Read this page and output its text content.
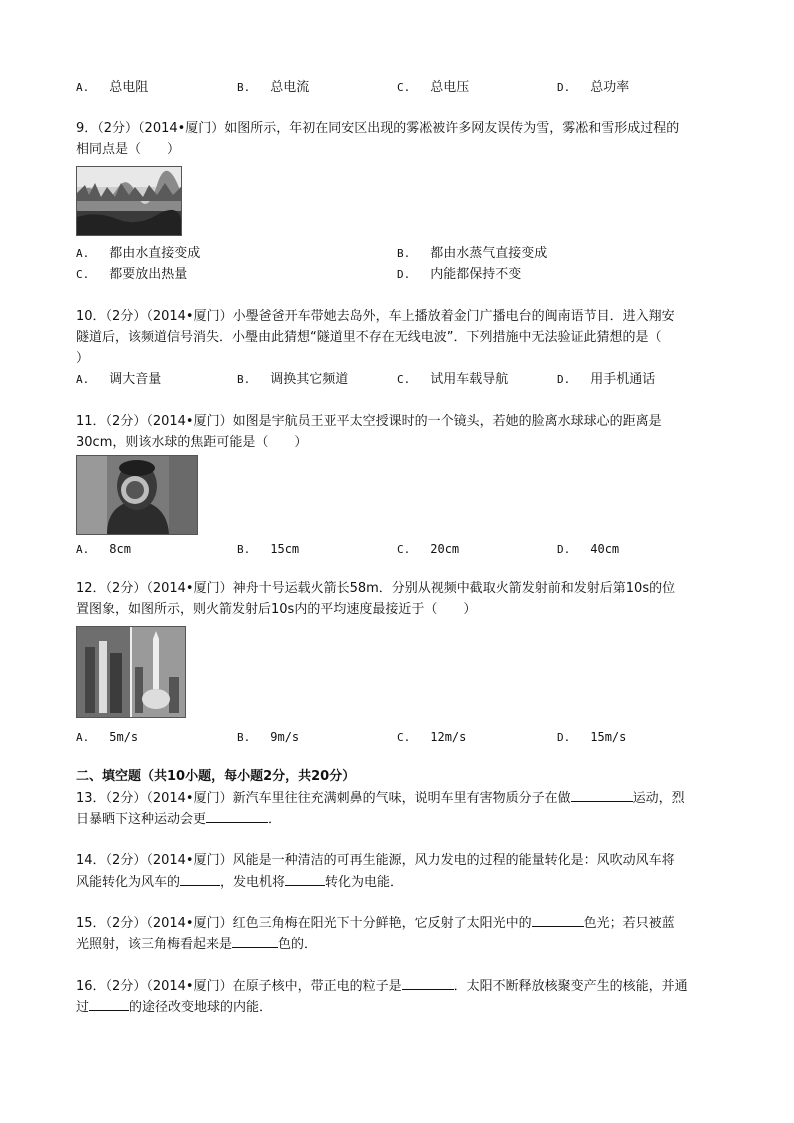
A. 总电阻	B. 总电流	C. 总电压	D. 总功率
9．（2分）（2014•厦门）如图所示，年初在同安区出现的雾凇被许多网友误传为雪，雾凇和雪形成过程的
相同点是（　　）
A. 都由水直接变成	B. 都由水蒸气直接变成
C. 都要放出热量	D. 内能都保持不变
10．（2分）（2014•厦门）小璺爸爸开车带她去岛外，车上播放着金门广播电台的闽南语节目．进入翔安
隧道后，该频道信号消失．小璺由此猜想“隧道里不存在无线电波”．下列措施中无法验证此猜想的是（
）
A. 调大音量	B. 调换其它频道	C. 试用车载导航	D. 用手机通话
11．（2分）（2014•厦门）如图是宇航员王亚平太空授课时的一个镜头，若她的脸离水球球心的距离是
30cm，则该水球的焦距可能是（　　）
A. 8cm	B. 15cm	C. 20cm	D. 40cm
12．（2分）（2014•厦门）神舟十号运载火箭长58m．分别从视频中截取火箭发射前和发射后第10s的位
置图象，如图所示，则火箭发射后10s内的平均速度最接近于（　　）
A. 5m/s	B. 9m/s	C. 12m/s	D. 15m/s
二、填空题（共10小题，每小题2分，共20分）
13．（2分）（2014•厦门）新汽车里往往充满刺鼻的气味，说明车里有害物质分子在做	运动，烈
日暴晒下这种运动会更	．
14．（2分）（2014•厦门）风能是一种清洁的可再生能源，风力发电的过程的能量转化是：风吹动风车将
风能转化为风车的	，发电机将	转化为电能．
15．（2分）（2014•厦门）红色三角梅在阳光下十分鲜艳，它反射了太阳光中的	色光；若只被蓝
光照射，该三角梅看起来是	色的．
16．（2分）（2014•厦门）在原子核中，带正电的粒子是	．太阳不断释放核聚变产生的核能，并通
过	的途径改变地球的内能．
